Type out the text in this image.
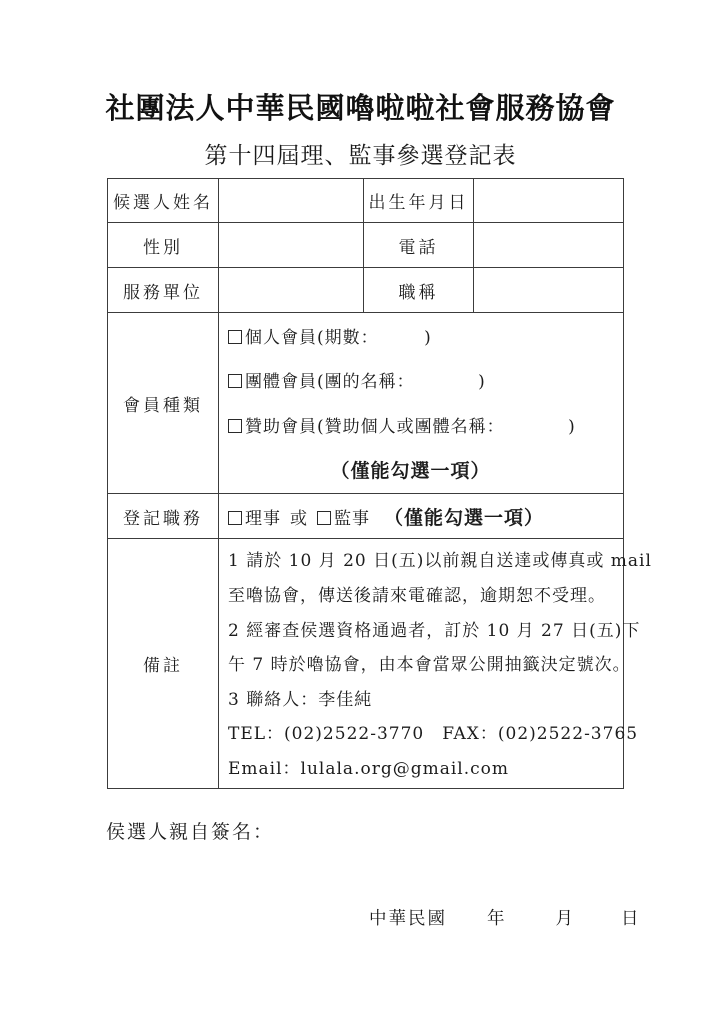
社團法人中華民國嚕啦啦社會服務協會
第十四屆理、監事參選登記表
候選人姓名		出生年月日	
性別		電話	
服務單位		職稱	
會員種類	個人會員(期數：　　　)
團體會員(團的名稱：　　　　)
贊助會員(贊助個人或團體名稱：　　　　)
（僅能勾選一項）		

登記職務	理事 或 監事 （僅能勾選一項）		
備註	
1 請於 10 月 20 日(五)以前親自送達或傳真或 mail
至嚕協會，傳送後請來電確認，逾期恕不受理。
2 經審查侯選資格通過者，訂於 10 月 27 日(五)下
午 7 時於嚕協會，由本會當眾公開抽籤決定號次。
3 聯絡人：李佳純
TEL：(02)2522-3770　FAX：(02)2522-3765
Email：lulala.org@gmail.com
侯選人親自簽名：
中華民國 年	月	日
